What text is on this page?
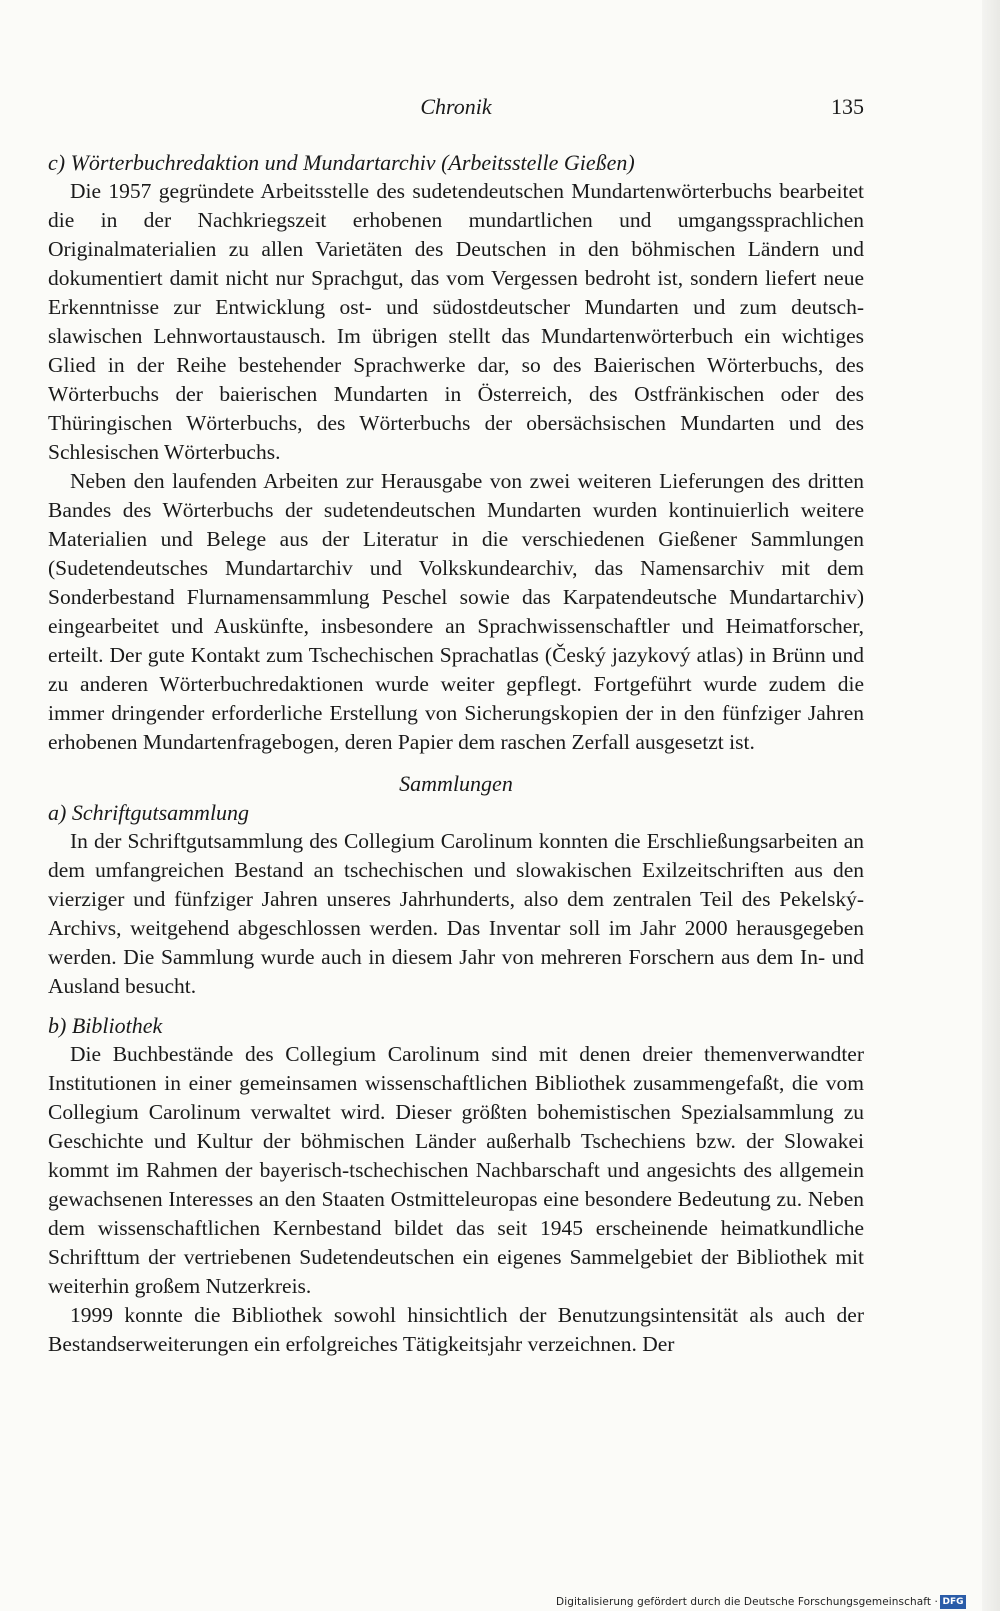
Chronik	135

c) Wörterbuchredaktion und Mundartarchiv (Arbeitsstelle Gießen)

Die 1957 gegründete Arbeitsstelle des sudetendeutschen Mundartenwörterbuchs bearbeitet die in der Nachkriegszeit erhobenen mundartlichen und umgangssprachlichen Originalmaterialien zu allen Varietäten des Deutschen in den böhmischen Ländern und dokumentiert damit nicht nur Sprachgut, das vom Vergessen bedroht ist, sondern liefert neue Erkenntnisse zur Entwicklung ost- und südostdeutscher Mundarten und zum deutsch-slawischen Lehnwortaustausch. Im übrigen stellt das Mundartenwörterbuch ein wichtiges Glied in der Reihe bestehender Sprachwerke dar, so des Baierischen Wörterbuchs, des Wörterbuchs der baierischen Mundarten in Österreich, des Ostfränkischen oder des Thüringischen Wörterbuchs, des Wörterbuchs der obersächsischen Mundarten und des Schlesischen Wörterbuchs.

Neben den laufenden Arbeiten zur Herausgabe von zwei weiteren Lieferungen des dritten Bandes des Wörterbuchs der sudetendeutschen Mundarten wurden kontinuierlich weitere Materialien und Belege aus der Literatur in die verschiedenen Gießener Sammlungen (Sudetendeutsches Mundartarchiv und Volkskundearchiv, das Namensarchiv mit dem Sonderbestand Flurnamensammlung Peschel sowie das Karpatendeutsche Mundartarchiv) eingearbeitet und Auskünfte, insbesondere an Sprachwissenschaftler und Heimatforscher, erteilt. Der gute Kontakt zum Tschechischen Sprachatlas (Český jazykový atlas) in Brünn und zu anderen Wörterbuchredaktionen wurde weiter gepflegt. Fortgeführt wurde zudem die immer dringender erforderliche Erstellung von Sicherungskopien der in den fünfziger Jahren erhobenen Mundartenfragebogen, deren Papier dem raschen Zerfall ausgesetzt ist.

Sammlungen

a) Schriftgutsammlung

In der Schriftgutsammlung des Collegium Carolinum konnten die Erschließungsarbeiten an dem umfangreichen Bestand an tschechischen und slowakischen Exilzeitschriften aus den vierziger und fünfziger Jahren unseres Jahrhunderts, also dem zentralen Teil des Pekelský-Archivs, weitgehend abgeschlossen werden. Das Inventar soll im Jahr 2000 herausgegeben werden. Die Sammlung wurde auch in diesem Jahr von mehreren Forschern aus dem In- und Ausland besucht.

b) Bibliothek

Die Buchbestände des Collegium Carolinum sind mit denen dreier themenverwandter Institutionen in einer gemeinsamen wissenschaftlichen Bibliothek zusammengefaßt, die vom Collegium Carolinum verwaltet wird. Dieser größten bohemistischen Spezialsammlung zu Geschichte und Kultur der böhmischen Länder außerhalb Tschechiens bzw. der Slowakei kommt im Rahmen der bayerisch-tschechischen Nachbarschaft und angesichts des allgemein gewachsenen Interesses an den Staaten Ostmitteleuropas eine besondere Bedeutung zu. Neben dem wissenschaftlichen Kernbestand bildet das seit 1945 erscheinende heimatkundliche Schrifttum der vertriebenen Sudetendeutschen ein eigenes Sammelgebiet der Bibliothek mit weiterhin großem Nutzerkreis.

1999 konnte die Bibliothek sowohl hinsichtlich der Benutzungsintensität als auch der Bestandserweiterungen ein erfolgreiches Tätigkeitsjahr verzeichnen. Der

Digitalisierung gefördert durch die Deutsche Forschungsgemeinschaft · DFG
